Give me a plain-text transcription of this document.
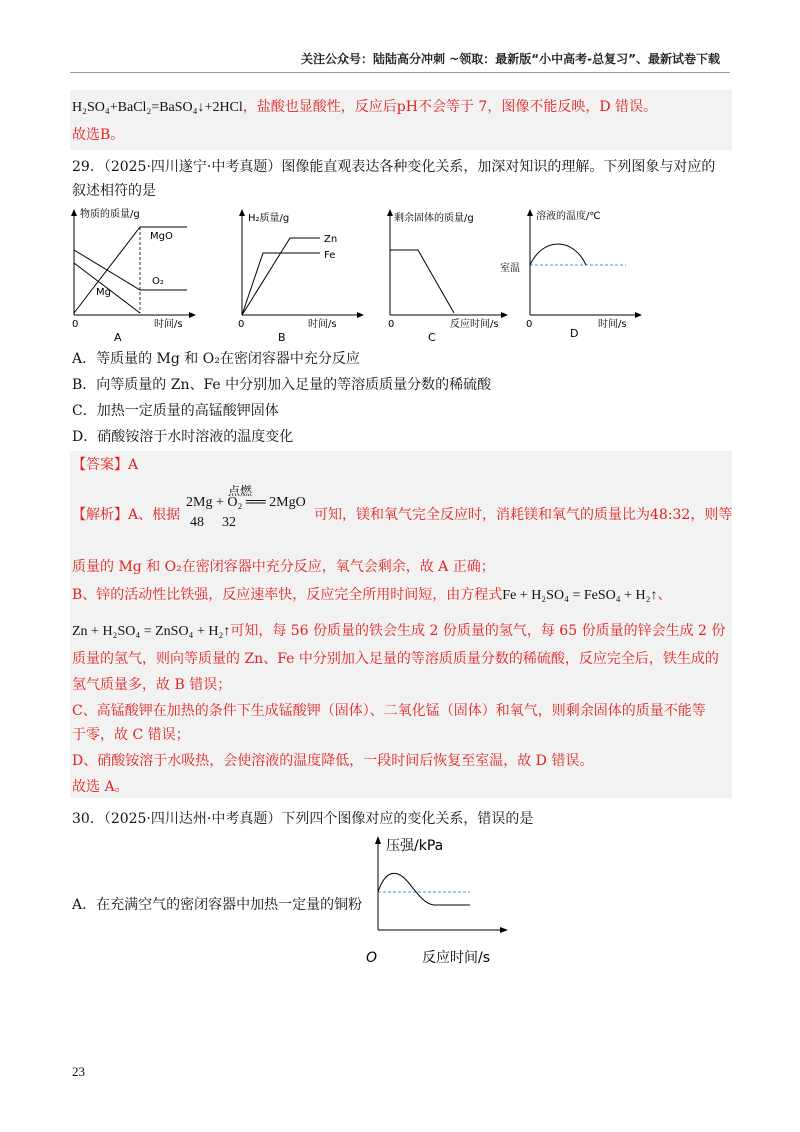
关注公众号：陆陆高分冲刺 ~领取：最新版“小中高考-总复习”、最新试卷下载
H₂SO₄+BaCl₂=BaSO₄↓+2HCl，盐酸也显酸性，反应后pH不会等于 7，图像不能反映，D 错误。
故选B。
29．（2025·四川遂宁·中考真题）图像能直观表达各种变化关系，加深对知识的理解。下列图象与对应的
叙述相符的是
物质的质量/g
时间/s
0
MgO
O₂
Mg
A
H₂质量/g
时间/s
0
Zn
Fe
B
剩余固体的质量/g
反应时间/s
0
C
溶液的温度/℃
时间/s
0
室温
D
A．等质量的 Mg 和 O₂在密闭容器中充分反应
B．向等质量的 Zn、Fe 中分别加入足量的等溶质质量分数的稀硫酸
C．加热一定质量的高锰酸钾固体
D．硝酸铵溶于水时溶液的温度变化
【答案】A
【解析】A、根据
点燃
2Mg + O₂ ══ 2MgO
48 32	可知，镁和氧气完全反应时，消耗镁和氧气的质量比为48:32，则等
质量的 Mg 和 O₂在密闭容器中充分反应，氧气会剩余，故 A 正确；
B、锌的活动性比铁强，反应速率快，反应完全所用时间短，由方程式Fe + H₂SO₄ = FeSO₄ + H₂↑、
Zn + H₂SO₄ = ZnSO₄ + H₂↑可知，每 56 份质量的铁会生成 2 份质量的氢气，每 65 份质量的锌会生成 2 份
质量的氢气，则向等质量的 Zn、Fe 中分别加入足量的等溶质质量分数的稀硫酸，反应完全后，铁生成的
氢气质量多，故 B 错误；
C、高锰酸钾在加热的条件下生成锰酸钾（固体）、二氧化锰（固体）和氧气，则剩余固体的质量不能等
于零，故 C 错误；
D、硝酸铵溶于水吸热，会使溶液的温度降低，一段时间后恢复至室温，故 D 错误。
故选 A。
30．（2025·四川达州·中考真题）下列四个图像对应的变化关系，错误的是
A．在充满空气的密闭容器中加热一定量的铜粉
压强/kPa
反应时间/s
O
23
